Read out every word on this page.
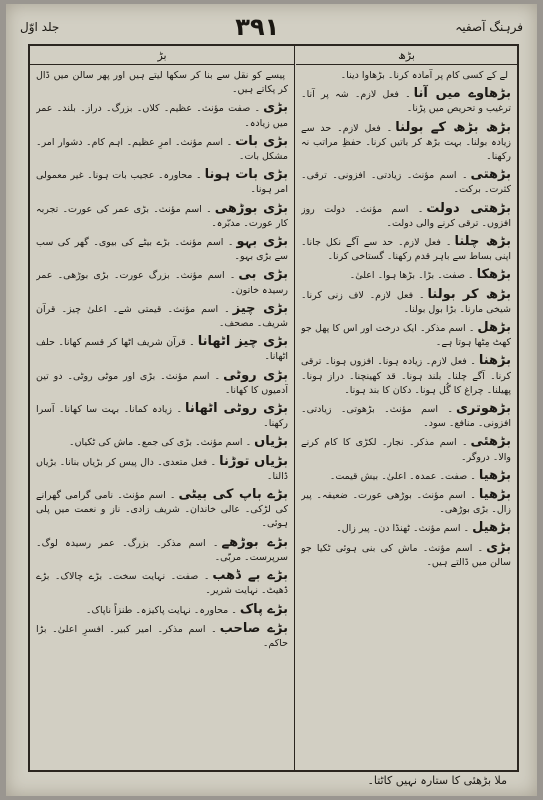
فرہنگ آصفیہ
۳۹۱
جلد اوّل
بڑھ
بڑ

لے کے کسی کام پر آمادہ کرنا۔ بڑھاوا دینا۔

بڑھاوے میں آنا۔ فعل لازم۔ شہ پر آنا۔ ترغیب و تحریص میں پڑنا۔

بڑھ بڑھ کے بولنا۔ فعل لازم۔ حد سے زیادہ بولنا۔ بہت بڑھ کر باتیں کرنا۔ حفظِ مراتب نہ رکھنا۔

بڑھتی۔ اسم مؤنث۔ زیادتی۔ افزونی۔ ترقی۔ کثرت۔ برکت۔

بڑھتی دولت۔ اسم مؤنث۔ دولت روز افزوں۔ ترقی کرنے والی دولت۔

بڑھ چلنا۔ فعل لازم۔ حد سے آگے نکل جانا۔ اپنی بساط سے باہر قدم رکھنا۔ گستاخی کرنا۔

بڑھکا۔ صفت۔ بڑا۔ بڑھا ہوا۔ اعلیٰ۔

بڑھ کر بولنا۔ فعل لازم۔ لاف زنی کرنا۔ شیخی مارنا۔ بڑا بول بولنا۔

بڑھل۔ اسم مذکر۔ ایک درخت اور اس کا پھل جو کھٹ مِٹھا ہوتا ہے۔

بڑھنا۔ فعل لازم۔ زیادہ ہونا۔ افزوں ہونا۔ ترقی کرنا۔ آگے چلنا۔ بلند ہونا۔ قد کھینچنا۔ دراز ہونا۔ پھیلنا۔ چراغ کا گُل ہونا۔ دکان کا بند ہونا۔

بڑھوتری۔ اسم مؤنث۔ بڑھوتی۔ زیادتی۔ افزونی۔ منافع۔ سود۔

بڑھئی۔ اسم مذکر۔ نجار۔ لکڑی کا کام کرنے والا۔ دروگر۔

بڑھیا۔ صفت۔ عمدہ۔ اعلیٰ۔ بیش قیمت۔

بڑھیا۔ اسم مؤنث۔ بوڑھی عورت۔ ضعیفہ۔ پیر زال۔ بڑی بوڑھی۔

بڑھیل۔ اسم مؤنث۔ ٹھنڈا دن۔ پیر زال۔

بڑی۔ اسم مؤنث۔ ماش کی بنی ہوئی ٹکیا جو سالن میں ڈالتے ہیں۔

پیسے کو نقل سے بنا کر سکھا لیتے ہیں اور پھر سالن میں ڈال کر پکاتے ہیں۔

بڑی۔ صفت مؤنث۔ عظیم۔ کلاں۔ بزرگ۔ دراز۔ بلند۔ عمر میں زیادہ۔

بڑی بات۔ اسم مؤنث۔ امرِ عظیم۔ اہم کام۔ دشوار امر۔ مشکل بات۔

بڑی بات ہونا۔ محاورہ۔ عجیب بات ہونا۔ غیر معمولی امر ہونا۔

بڑی بوڑھی۔ اسم مؤنث۔ بڑی عمر کی عورت۔ تجربہ کار عورت۔ مدبّرہ۔

بڑی بہو۔ اسم مؤنث۔ بڑے بیٹے کی بیوی۔ گھر کی سب سے بڑی بہو۔

بڑی بی۔ اسم مؤنث۔ بزرگ عورت۔ بڑی بوڑھی۔ عمر رسیدہ خاتون۔

بڑی چیز۔ اسم مؤنث۔ قیمتی شے۔ اعلیٰ چیز۔ قرآن شریف۔ مصحف۔

بڑی چیز اٹھانا۔ قرآن شریف اٹھا کر قسم کھانا۔ حلف اٹھانا۔

بڑی روٹی۔ اسم مؤنث۔ بڑی اور موٹی روٹی۔ دو تین آدمیوں کا کھانا۔

بڑی روٹی اٹھانا۔ زیادہ کمانا۔ بہت سا کھانا۔ آسرا رکھنا۔

بڑیاں۔ اسم مؤنث۔ بڑی کی جمع۔ ماش کی ٹکیاں۔

بڑیاں توڑنا۔ فعل متعدی۔ دال پیس کر بڑیاں بنانا۔ بڑیاں ڈالنا۔

بڑے باپ کی بیٹی۔ اسم مؤنث۔ نامی گرامی گھرانے کی لڑکی۔ عالی خاندان۔ شریف زادی۔ ناز و نعمت میں پلی ہوئی۔

بڑے بوڑھے۔ اسم مذکر۔ بزرگ۔ عمر رسیدہ لوگ۔ سرپرست۔ مربّی۔

بڑے بے ڈھب۔ صفت۔ نہایت سخت۔ بڑے چالاک۔ بڑے ڈھیٹ۔ نہایت شریر۔

بڑے پاک۔ محاورہ۔ نہایت پاکیزہ۔ طنزاً ناپاک۔

بڑے صاحب۔ اسم مذکر۔ امیر کبیر۔ افسرِ اعلیٰ۔ بڑا حاکم۔

ملا بڑھئی کا ستارہ نہیں کاٹتا۔
